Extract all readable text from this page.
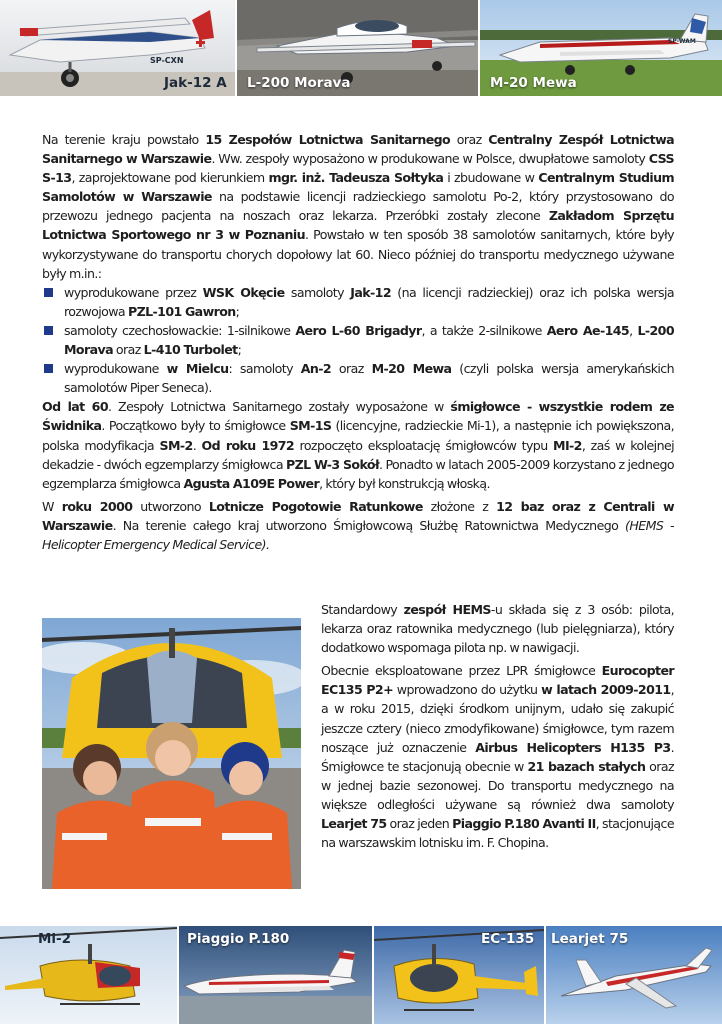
Jak-12 A
SP-CXN
L-200 Morava	M-20 Mewa
SP-WAM

Na terenie kraju powstało 15 Zespołów Lotnictwa Sanitarnego oraz Centralny Zespół Lotnictwa Sanitarnego w Warszawie. Ww. zespoły wyposażono w produkowane w Polsce, dwupłatowe samoloty CSS S-13, zaprojektowane pod kierunkiem mgr. inż. Tadeusza Sołtyka i zbudowane w Centralnym Studium Samolotów w Warszawie na podstawie licencji radzieckiego samolotu Po-2, który przystosowano do przewozu jednego pacjenta na noszach oraz lekarza. Przeróbki zostały zlecone Zakładom Sprzętu Lotnictwa Sportowego nr 3 w Poznaniu. Powstało w ten sposób 38 samolotów sanitarnych, które były wykorzystywane do transportu chorych dopołowy lat 60. Nieco później do transportu medycznego używane były m.in.:

wyprodukowane przez WSK Okęcie samoloty Jak-12 (na licencji radzieckiej) oraz ich polska wersja rozwojowa PZL-101 Gawron;
samoloty czechosłowackie: 1-silnikowe Aero L-60 Brigadyr, a także 2-silnikowe Aero Ae-145, L-200 Morava oraz L-410 Turbolet;
wyprodukowane w Mielcu: samoloty An-2 oraz M-20 Mewa (czyli polska wersja amerykańskich samolotów Piper Seneca).

Od lat 60. Zespoły Lotnictwa Sanitarnego zostały wyposażone w śmigłowce - wszystkie rodem ze Świdnika. Początkowo były to śmigłowce SM-1S (licencyjne, radzieckie Mi-1), a następnie ich powiększona, polska modyfikacja SM-2. Od roku 1972 rozpoczęto eksploatację śmigłowców typu MI-2, zaś w kolejnej dekadzie - dwóch egzemplarzy śmigłowca PZL W-3 Sokół. Ponadto w latach 2005-2009 korzystano z jednego egzemplarza śmigłowca Agusta A109E Power, który był konstrukcją włoską.

W roku 2000 utworzono Lotnicze Pogotowie Ratunkowe złożone z 12 baz oraz z Centrali w Warszawie. Na terenie całego kraj utworzono Śmigłowcową Służbę Ratownictwa Medycznego (HEMS - Helicopter Emergency Medical Service).

Standardowy zespół HEMS-u składa się z 3 osób: pilota, lekarza oraz ratownika medycznego (lub pielęgniarza), który dodatkowo wspomaga pilota np. w nawigacji.

Obecnie eksploatowane przez LPR śmigłowce Eurocopter EC135 P2+ wprowadzono do użytku w latach 2009-2011, a w roku 2015, dzięki środkom unijnym, udało się zakupić jeszcze cztery (nieco zmodyfikowane) śmigłowce, tym razem noszące już oznaczenie Airbus Helicopters H135 P3. Śmigłowce te stacjonują obecnie w 21 bazach stałych oraz w jednej bazie sezonowej. Do transportu medycznego na większe odległości używane są również dwa samoloty Learjet 75 oraz jeden Piaggio P.180 Avanti II, stacjonujące na warszawskim lotnisku im. F. Chopina.

Mi-2	Piaggio P.180	EC-135 Learjet 75
